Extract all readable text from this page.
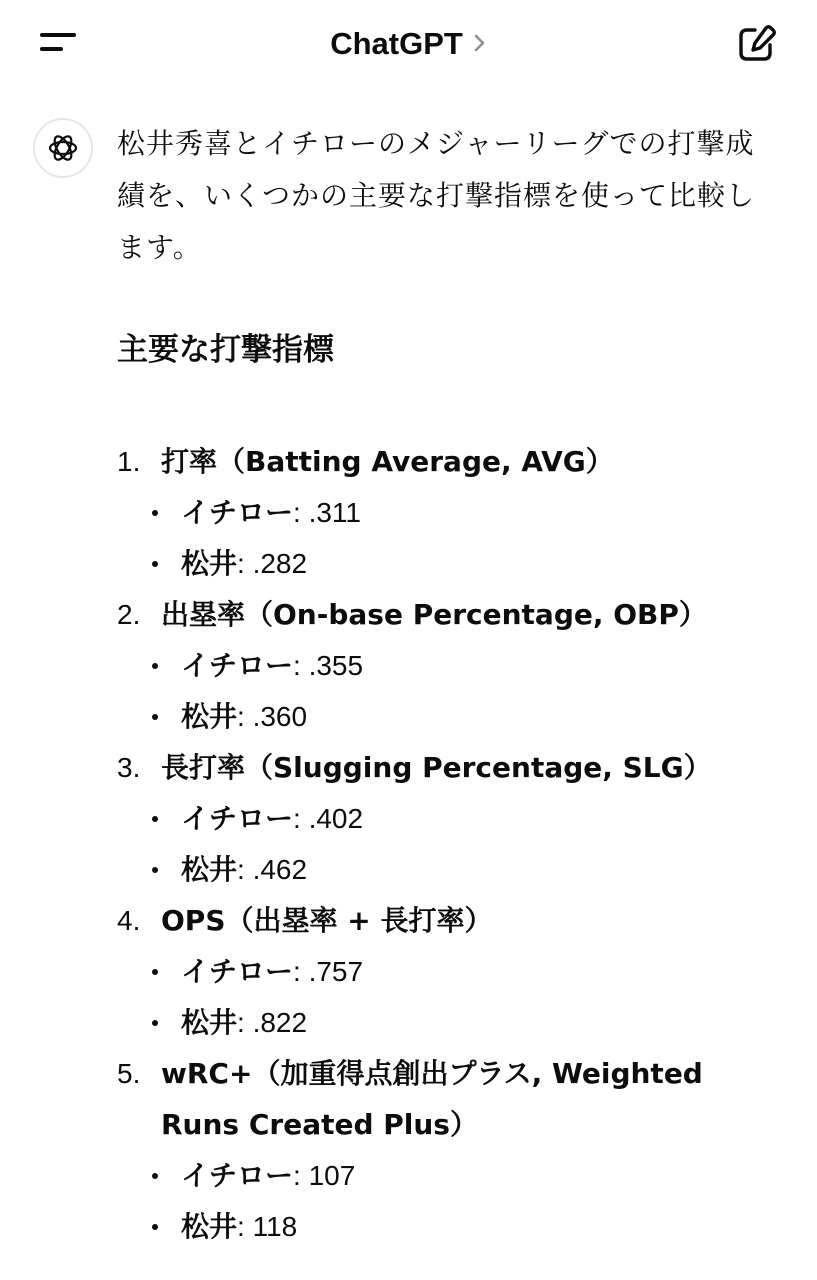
ChatGPT

松井秀喜とイチローのメジャーリーグでの打撃成績を、いくつかの主要な打撃指標を使って比較します。

主要な打撃指標
1. 打率（Batting Average, AVG）
イチロー: .311
松井: .282
2. 出塁率（On-base Percentage, OBP）
イチロー: .355
松井: .360
3. 長打率（Slugging Percentage, SLG）
イチロー: .402
松井: .462
4. OPS（出塁率 + 長打率）
イチロー: .757
松井: .822
5. wRC+（加重得点創出プラス, Weighted Runs Created Plus）
イチロー: 107
松井: 118
